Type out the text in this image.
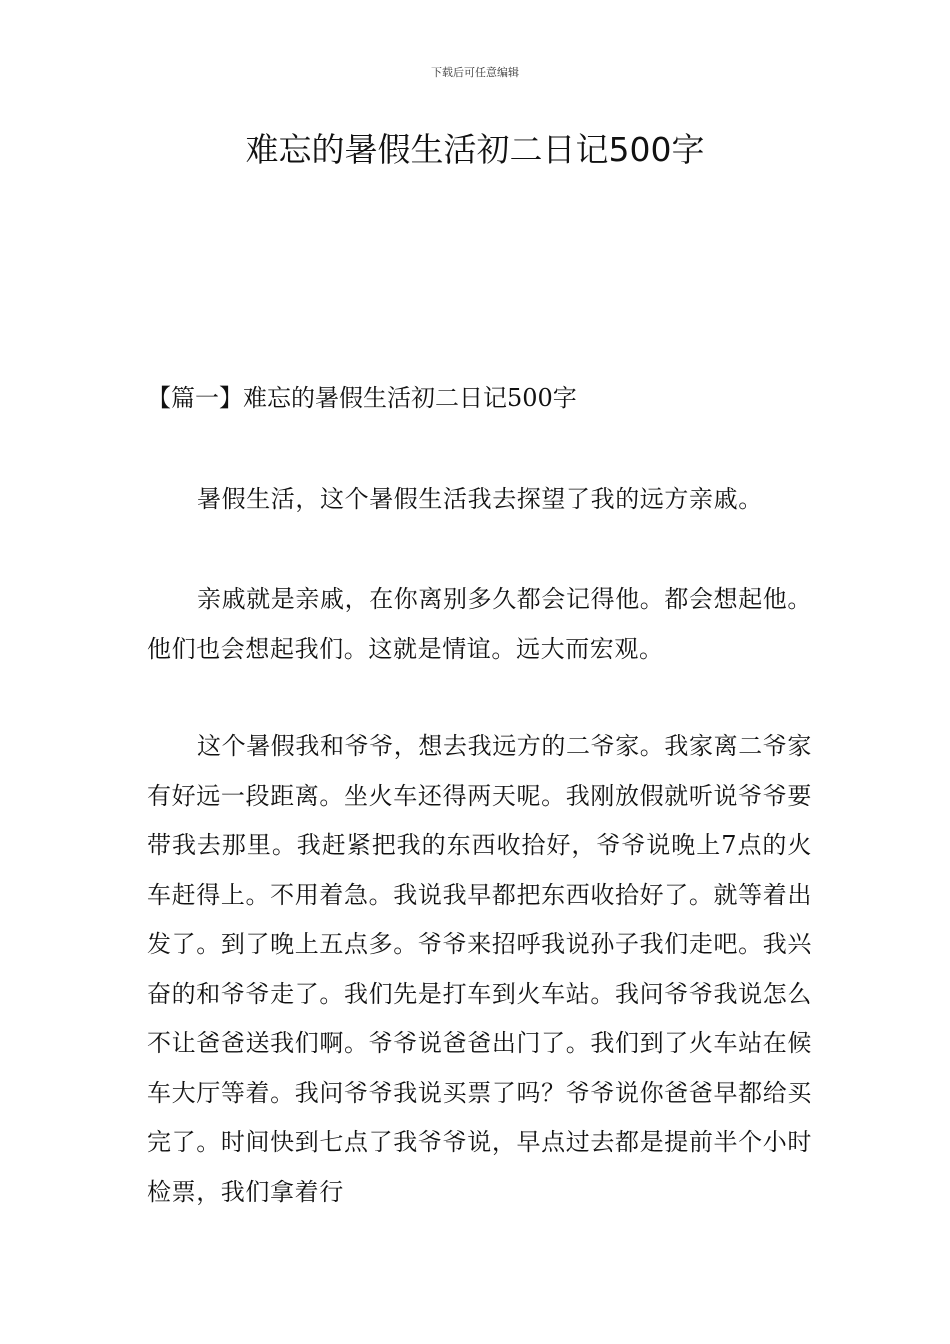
下载后可任意编辑
难忘的暑假生活初二日记500字
【篇一】难忘的暑假生活初二日记500字

暑假生活，这个暑假生活我去探望了我的远方亲戚。

亲戚就是亲戚，在你离别多久都会记得他。都会想起他。他们也会想起我们。这就是情谊。远大而宏观。

这个暑假我和爷爷，想去我远方的二爷家。我家离二爷家有好远一段距离。坐火车还得两天呢。我刚放假就听说爷爷要带我去那里。我赶紧把我的东西收拾好，爷爷说晚上7点的火车赶得上。不用着急。我说我早都把东西收拾好了。就等着出发了。到了晚上五点多。爷爷来招呼我说孙子我们走吧。我兴奋的和爷爷走了。我们先是打车到火车站。我问爷爷我说怎么不让爸爸送我们啊。爷爷说爸爸出门了。我们到了火车站在候车大厅等着。我问爷爷我说买票了吗？爷爷说你爸爸早都给买完了。时间快到七点了我爷爷说，早点过去都是提前半个小时检票，我们拿着行
